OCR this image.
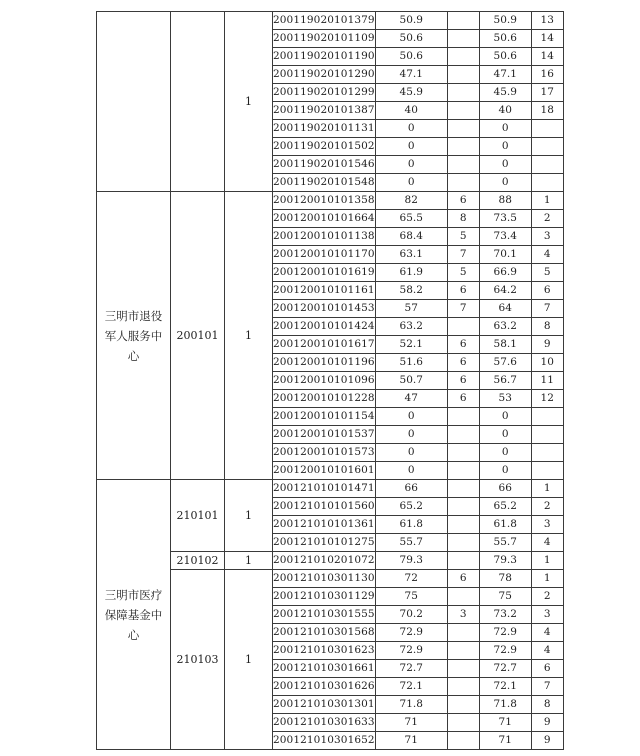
		1	200119020101379	50.9		50.9	13
			200119020101109	50.6		50.6	14
			200119020101190	50.6		50.6	14
			200119020101290	47.1		47.1	16
			200119020101299	45.9		45.9	17
			200119020101387	40		40	18
			200119020101131	0		0	
			200119020101502	0		0	
			200119020101546	0		0	
			200119020101548	0		0	
三明市退役军人服务中心	200101	1	200120010101358	82	6	88	1
			200120010101664	65.5	8	73.5	2
			200120010101138	68.4	5	73.4	3
			200120010101170	63.1	7	70.1	4
			200120010101619	61.9	5	66.9	5
			200120010101161	58.2	6	64.2	6
			200120010101453	57	7	64	7
			200120010101424	63.2		63.2	8
			200120010101617	52.1	6	58.1	9
			200120010101196	51.6	6	57.6	10
			200120010101096	50.7	6	56.7	11
			200120010101228	47	6	53	12
			200120010101154	0		0	
			200120010101537	0		0	
			200120010101573	0		0	
			200120010101601	0		0	
三明市医疗保障基金中心	210101	1	200121010101471	66		66	1
			200121010101560	65.2		65.2	2
			200121010101361	61.8		61.8	3
			200121010101275	55.7		55.7	4
	210102	1	200121010201072	79.3		79.3	1
	210103	1	200121010301130	72	6	78	1
			200121010301129	75		75	2
			200121010301555	70.2	3	73.2	3
			200121010301568	72.9		72.9	4
			200121010301623	72.9		72.9	4
			200121010301661	72.7		72.7	6
			200121010301626	72.1		72.1	7
			200121010301301	71.8		71.8	8
			200121010301633	71		71	9
			200121010301652	71		71	9
